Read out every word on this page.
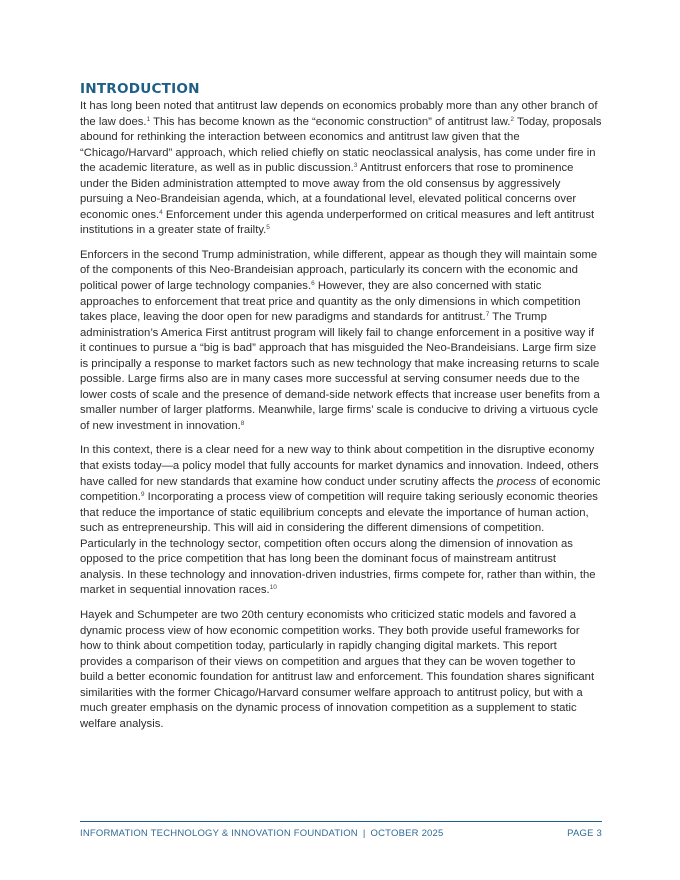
INTRODUCTION

It has long been noted that antitrust law depends on economics probably more than any other branch of the law does.$^1$ This has become known as the “economic construction” of antitrust law.$^2$ Today, proposals abound for rethinking the interaction between economics and antitrust law given that the “Chicago/Harvard” approach, which relied chiefly on static neoclassical analysis, has come under fire in the academic literature, as well as in public discussion.$^3$ Antitrust enforcers that rose to prominence under the Biden administration attempted to move away from the old consensus by aggressively pursuing a Neo-Brandeisian agenda, which, at a foundational level, elevated political concerns over economic ones.$^4$ Enforcement under this agenda underperformed on critical measures and left antitrust institutions in a greater state of frailty.$^5$

Enforcers in the second Trump administration, while different, appear as though they will maintain some of the components of this Neo-Brandeisian approach, particularly its concern with the economic and political power of large technology companies.$^6$ However, they are also concerned with static approaches to enforcement that treat price and quantity as the only dimensions in which competition takes place, leaving the door open for new paradigms and standards for antitrust.$^7$ The Trump administration’s America First antitrust program will likely fail to change enforcement in a positive way if it continues to pursue a “big is bad” approach that has misguided the Neo-Brandeisians. Large firm size is principally a response to market factors such as new technology that make increasing returns to scale possible. Large firms also are in many cases more successful at serving consumer needs due to the lower costs of scale and the presence of demand-side network effects that increase user benefits from a smaller number of larger platforms. Meanwhile, large firms’ scale is conducive to driving a virtuous cycle of new investment in innovation.$^8$

In this context, there is a clear need for a new way to think about competition in the disruptive economy that exists today—a policy model that fully accounts for market dynamics and innovation. Indeed, others have called for new standards that examine how conduct under scrutiny affects the process of economic competition.$^9$ Incorporating a process view of competition will require taking seriously economic theories that reduce the importance of static equilibrium concepts and elevate the importance of human action, such as entrepreneurship. This will aid in considering the different dimensions of competition. Particularly in the technology sector, competition often occurs along the dimension of innovation as opposed to the price competition that has long been the dominant focus of mainstream antitrust analysis. In these technology and innovation-driven industries, firms compete for, rather than within, the market in sequential innovation races.$^{10}$

Hayek and Schumpeter are two 20th century economists who criticized static models and favored a dynamic process view of how economic competition works. They both provide useful frameworks for how to think about competition today, particularly in rapidly changing digital markets. This report provides a comparison of their views on competition and argues that they can be woven together to build a better economic foundation for antitrust law and enforcement. This foundation shares significant similarities with the former Chicago/Harvard consumer welfare approach to antitrust policy, but with a much greater emphasis on the dynamic process of innovation competition as a supplement to static welfare analysis.

INFORMATION TECHNOLOGY & INNOVATION FOUNDATION | OCTOBER 2025	PAGE 3
